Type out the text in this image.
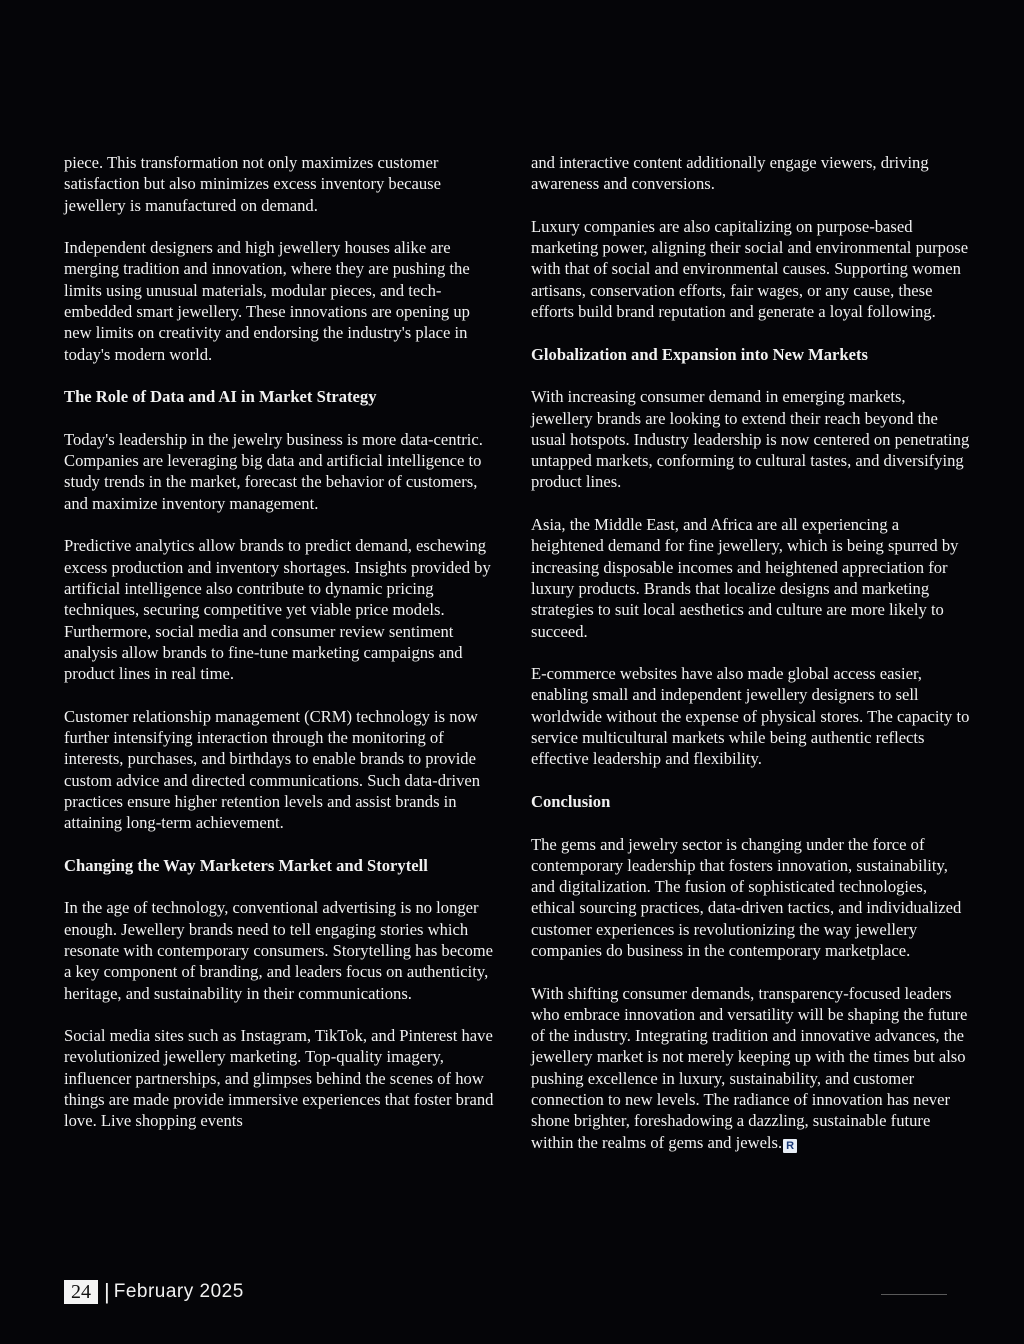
piece. This transformation not only maximizes customer satisfaction but also minimizes excess inventory because jewellery is manufactured on demand.

Independent designers and high jewellery houses alike are merging tradition and innovation, where they are pushing the limits using unusual materials, modular pieces, and tech-embedded smart jewellery. These innovations are opening up new limits on creativity and endorsing the industry's place in today's modern world.

The Role of Data and AI in Market Strategy

Today's leadership in the jewelry business is more data-centric. Companies are leveraging big data and artificial intelligence to study trends in the market, forecast the behavior of customers, and maximize inventory management.

Predictive analytics allow brands to predict demand, eschewing excess production and inventory shortages. Insights provided by artificial intelligence also contribute to dynamic pricing techniques, securing competitive yet viable price models. Furthermore, social media and consumer review sentiment analysis allow brands to fine-tune marketing campaigns and product lines in real time.

Customer relationship management (CRM) technology is now further intensifying interaction through the monitoring of interests, purchases, and birthdays to enable brands to provide custom advice and directed communications. Such data-driven practices ensure higher retention levels and assist brands in attaining long-term achievement.

Changing the Way Marketers Market and Storytell

In the age of technology, conventional advertising is no longer enough. Jewellery brands need to tell engaging stories which resonate with contemporary consumers. Storytelling has become a key component of branding, and leaders focus on authenticity, heritage, and sustainability in their communications.

Social media sites such as Instagram, TikTok, and Pinterest have revolutionized jewellery marketing. Top-quality imagery, influencer partnerships, and glimpses behind the scenes of how things are made provide immersive experiences that foster brand love. Live shopping events

and interactive content additionally engage viewers, driving awareness and conversions.

Luxury companies are also capitalizing on purpose-based marketing power, aligning their social and environmental purpose with that of social and environmental causes. Supporting women artisans, conservation efforts, fair wages, or any cause, these efforts build brand reputation and generate a loyal following.

Globalization and Expansion into New Markets

With increasing consumer demand in emerging markets, jewellery brands are looking to extend their reach beyond the usual hotspots. Industry leadership is now centered on penetrating untapped markets, conforming to cultural tastes, and diversifying product lines.

Asia, the Middle East, and Africa are all experiencing a heightened demand for fine jewellery, which is being spurred by increasing disposable incomes and heightened appreciation for luxury products. Brands that localize designs and marketing strategies to suit local aesthetics and culture are more likely to succeed.

E-commerce websites have also made global access easier, enabling small and independent jewellery designers to sell worldwide without the expense of physical stores. The capacity to service multicultural markets while being authentic reflects effective leadership and flexibility.

Conclusion

The gems and jewelry sector is changing under the force of contemporary leadership that fosters innovation, sustainability, and digitalization. The fusion of sophisticated technologies, ethical sourcing practices, data-driven tactics, and individualized customer experiences is revolutionizing the way jewellery companies do business in the contemporary marketplace.

With shifting consumer demands, transparency-focused leaders who embrace innovation and versatility will be shaping the future of the industry. Integrating tradition and innovative advances, the jewellery market is not merely keeping up with the times but also pushing excellence in luxury, sustainability, and customer connection to new levels. The radiance of innovation has never shone brighter, foreshadowing a dazzling, sustainable future within the realms of gems and jewels. R

24 | February 2025
